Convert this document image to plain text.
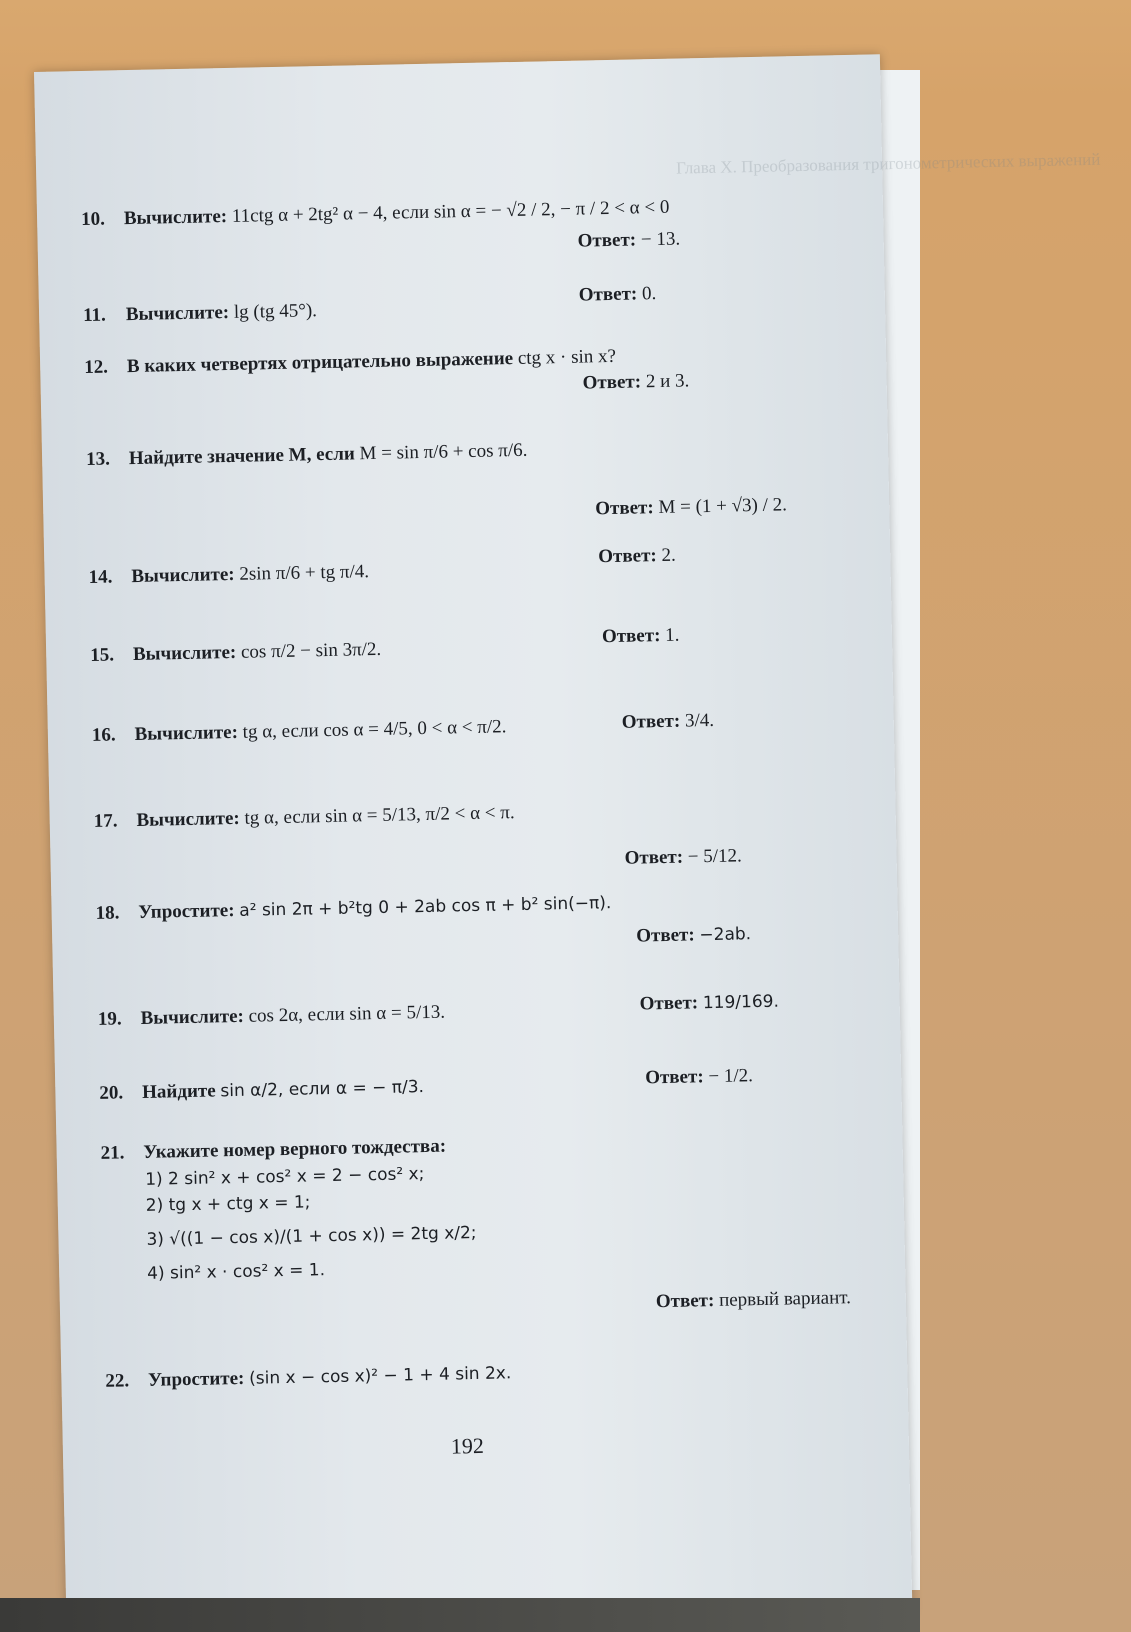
Глава X. Преобразования тригонометрических выражений
10. Вычислите: 11ctg α + 2tg² α − 4, если sin α = − √2 / 2, − π / 2 < α < 0
Ответ: − 13.
11. Вычислите: lg (tg 45°).
Ответ: 0.
12. В каких четвертях отрицательно выражение ctg x · sin x?
Ответ: 2 и 3.
13. Найдите значение M, если M = sin π/6 + cos π/6.
Ответ: M = (1 + √3) / 2.
14. Вычислите: 2sin π/6 + tg π/4.
Ответ: 2.
15. Вычислите: cos π/2 − sin 3π/2.
Ответ: 1.
16. Вычислите: tg α, если cos α = 4/5, 0 < α < π/2.	Ответ: 3/4.
17. Вычислите: tg α, если sin α = 5/13, π/2 < α < π.
Ответ: − 5/12.
18. Упростите: a² sin 2π + b²tg 0 + 2ab cos π + b² sin(−π).
Ответ: −2ab.
19. Вычислите: cos 2α, если sin α = 5/13.	Ответ: 119/169.
20. Найдите sin α/2, если α = − π/3.	Ответ: − 1/2.
21. Укажите номер верного тождества:
1) 2 sin² x + cos² x = 2 − cos² x;
2) tg x + ctg x = 1;
3) √((1 − cos x)/(1 + cos x)) = 2tg x/2;
4) sin² x · cos² x = 1.
Ответ: первый вариант.
22. Упростите: (sin x − cos x)² − 1 + 4 sin 2x.
192
